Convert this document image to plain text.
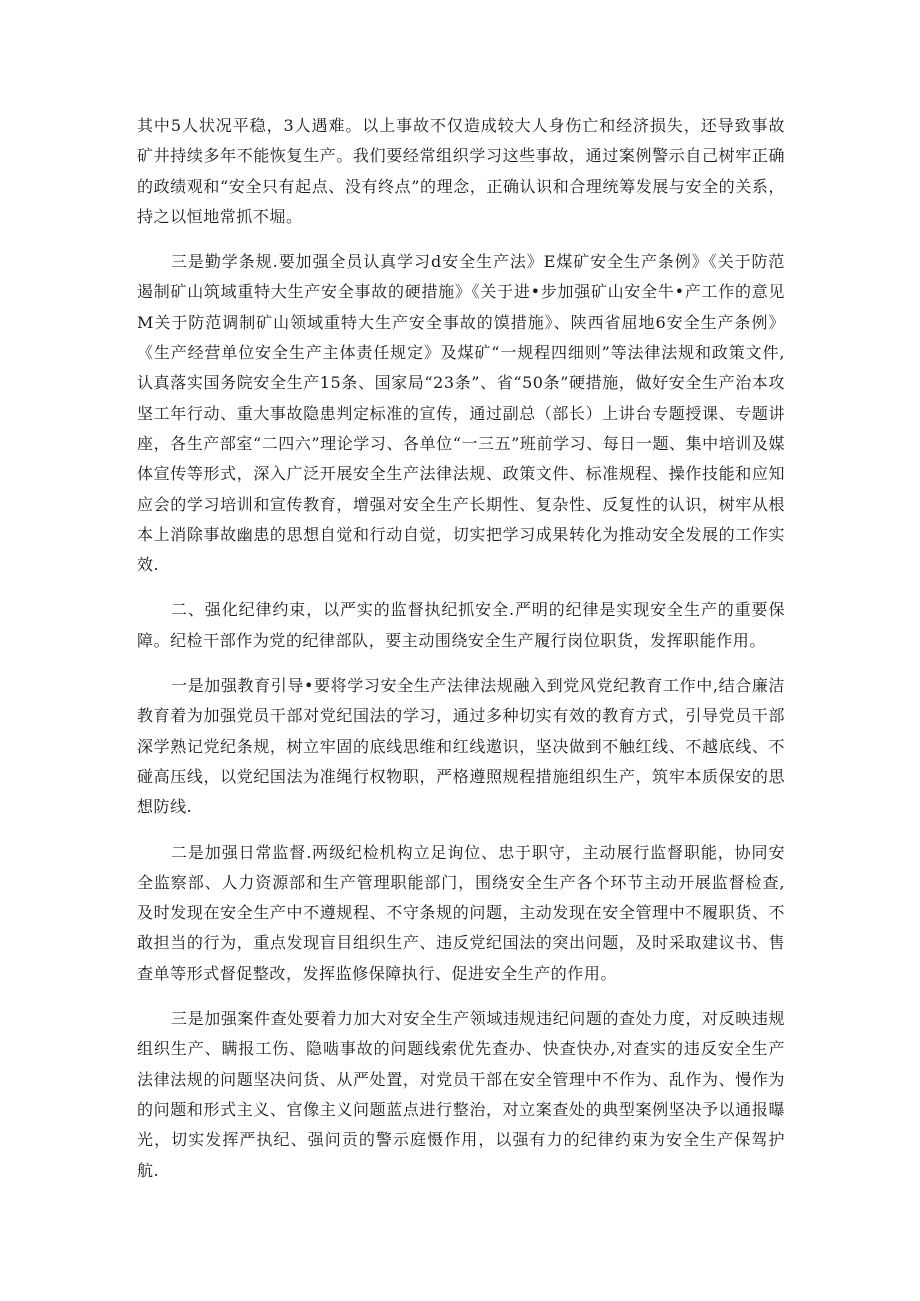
其中5人状况平稳，3人遇难。以上事故不仅造成较大人身伤亡和经济损失，还导致事故矿井持续多年不能恢复生产。我们要经常组织学习这些事故，通过案例警示自己树牢正确的政绩观和“安全只有起点、没有终点”的理念，正确认识和合理统筹发展与安全的关系，持之以恒地常抓不堀。

三是勤学条规.要加强全员认真学习d安全生产法》E煤矿安全生产条例》《关于防范遏制矿山筑域重特大生产安全事故的硬措施》《关于进•步加强矿山安全牛•产工作的意见M关于防范调制矿山领域重特大生产安全事故的馍措施》、陕西省屈地6安全生产条例》《生产经营单位安全生产主体责任规定》及煤矿“一规程四细则”等法律法规和政策文件,认真落实国务院安全生产15条、国家局“23条”、省“50条”硬措施，做好安全生产治本攻坚工年行动、重大事故隐患判定标准的宣传，通过副总（部长）上讲台专题授课、专题讲座，各生产部室“二四六”理论学习、各单位“一三五”班前学习、每日一题、集中培训及媒体宣传等形式，深入广泛开展安全生产法律法规、政策文件、标准规程、操作技能和应知应会的学习培训和宣传教育，增强对安全生产长期性、复杂性、反复性的认识，树牢从根本上消除事故幽患的思想自觉和行动自觉，切实把学习成果转化为推动安全发展的工作实效.

二、强化纪律约束，以严实的监督执纪抓安全.严明的纪律是实现安全生产的重要保障。纪检干部作为党的纪律部队，要主动围绕安全生产履行岗位职货，发挥职能作用。

一是加强教育引导•要将学习安全生产法律法规融入到党风党纪教育工作中,结合廉洁教育着为加强党员干部对党纪国法的学习，通过多种切实有效的教育方式，引导党员干部深学熟记党纪条规，树立牢固的底线思维和红线遨识，坚决做到不触红线、不越底线、不碰高压线，以党纪国法为准绳行权物职，严格遵照规程措施组织生产，筑牢本质保安的思想防线.

二是加强日常监督.两级纪检机构立足询位、忠于职守，主动展行监督职能，协同安全监察部、人力资源部和生产管理职能部门，围绕安全生产各个环节主动开展监督检查,及时发现在安全生产中不遵规程、不守条规的问题，主动发现在安全管理中不履职货、不敢担当的行为，重点发现盲目组织生产、违反党纪国法的突出问题，及时采取建议书、售查单等形式督促整改，发挥监修保障执行、促进安全生产的作用。

三是加强案件查处要着力加大对安全生产领域违规违纪问题的查处力度，对反映违规组织生产、瞒报工伤、隐啮事故的问题线索优先查办、快查快办,对查实的违反安全生产法律法规的问题坚决问货、从严处置，对党员干部在安全管理中不作为、乱作为、慢作为的问题和形式主义、官像主义问题蓝点进行整治，对立案查处的典型案例坚决予以通报曝光，切实发挥严执纪、强问贡的警示庭慑作用，以强有力的纪律约束为安全生产保驾护航.
